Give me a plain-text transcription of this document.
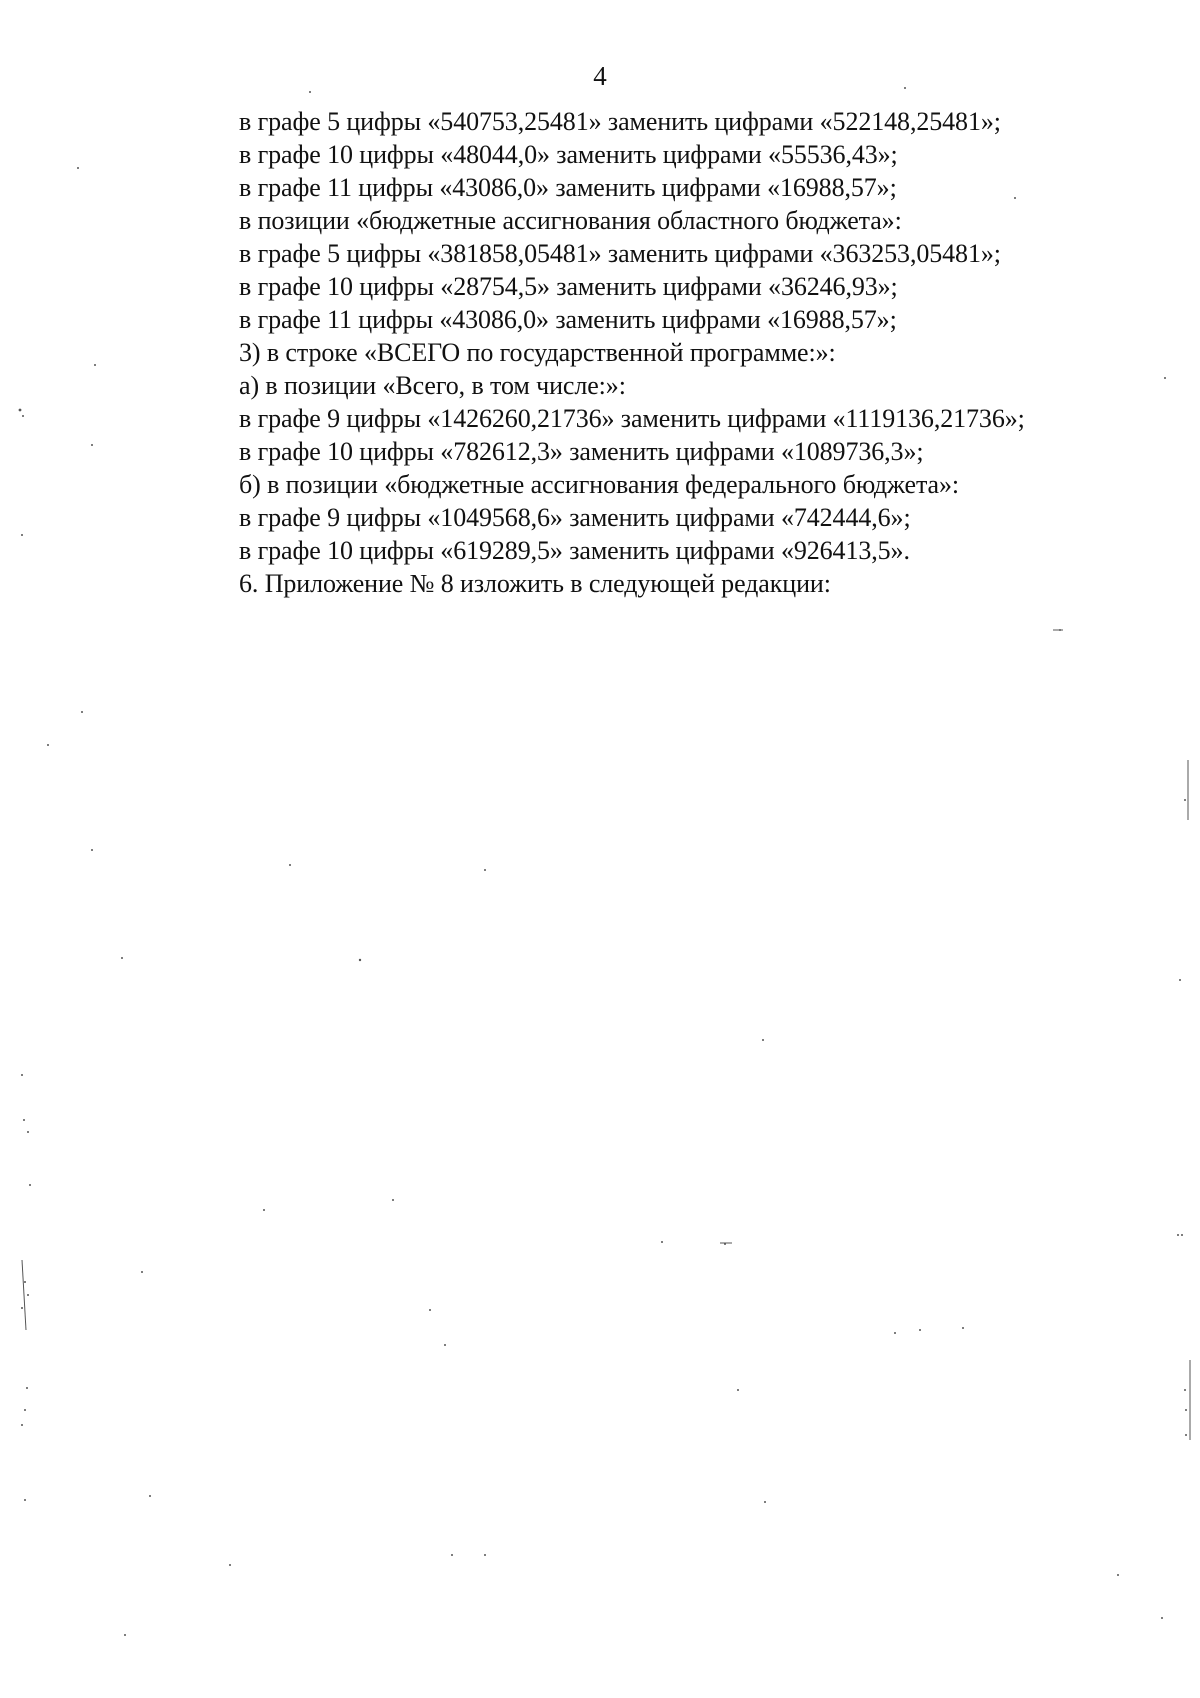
4
в графе 5 цифры «540753,25481» заменить цифрами «522148,25481»;
в графе 10 цифры «48044,0» заменить цифрами «55536,43»;
в графе 11 цифры «43086,0» заменить цифрами «16988,57»;
в позиции «бюджетные ассигнования областного бюджета»:
в графе 5 цифры «381858,05481» заменить цифрами «363253,05481»;
в графе 10 цифры «28754,5» заменить цифрами «36246,93»;
в графе 11 цифры «43086,0» заменить цифрами «16988,57»;
3) в строке «ВСЕГО по государственной программе:»:
а) в позиции «Всего, в том числе:»:
в графе 9 цифры «1426260,21736» заменить цифрами «1119136,21736»;
в графе 10 цифры «782612,3» заменить цифрами «1089736,3»;
б) в позиции «бюджетные ассигнования федерального бюджета»:
в графе 9 цифры «1049568,6» заменить цифрами «742444,6»;
в графе 10 цифры «619289,5» заменить цифрами «926413,5».
6. Приложение № 8 изложить в следующей редакции:
